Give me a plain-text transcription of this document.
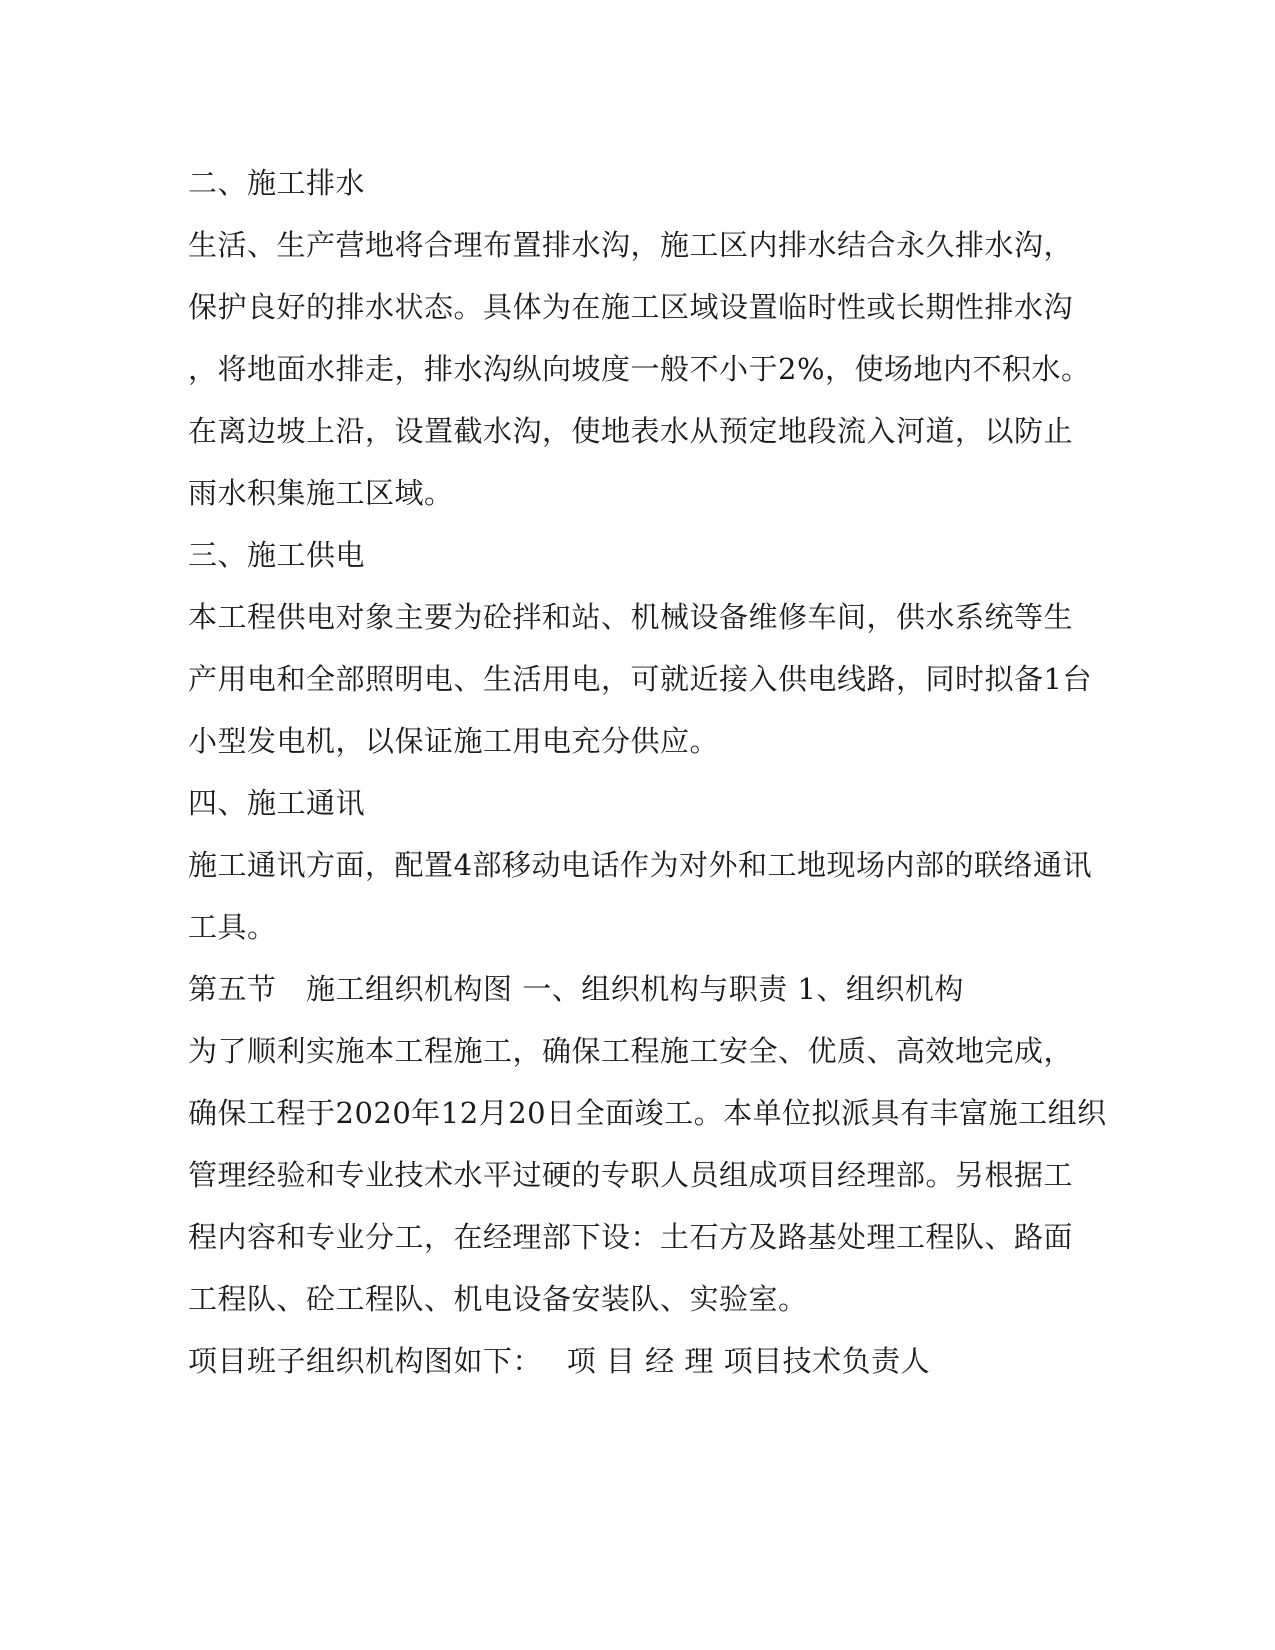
二、施工排水
生活、生产营地将合理布置排水沟，施工区内排水结合永久排水沟，
保护良好的排水状态。具体为在施工区域设置临时性或长期性排水沟
，将地面水排走，排水沟纵向坡度一般不小于2%，使场地内不积水。
在离边坡上沿，设置截水沟，使地表水从预定地段流入河道，以防止
雨水积集施工区域。
三、施工供电
本工程供电对象主要为砼拌和站、机械设备维修车间，供水系统等生
产用电和全部照明电、生活用电，可就近接入供电线路，同时拟备1台
小型发电机，以保证施工用电充分供应。
四、施工通讯
施工通讯方面，配置4部移动电话作为对外和工地现场内部的联络通讯
工具。
第五节　施工组织机构图 一、组织机构与职责 1、组织机构
为了顺利实施本工程施工，确保工程施工安全、优质、高效地完成，
确保工程于2020年12月20日全面竣工。本单位拟派具有丰富施工组织
管理经验和专业技术水平过硬的专职人员组成项目经理部。另根据工
程内容和专业分工，在经理部下设：土石方及路基处理工程队、路面
工程队、砼工程队、机电设备安装队、实验室。
项目班子组织机构图如下：　 项 目 经 理 项目技术负责人
